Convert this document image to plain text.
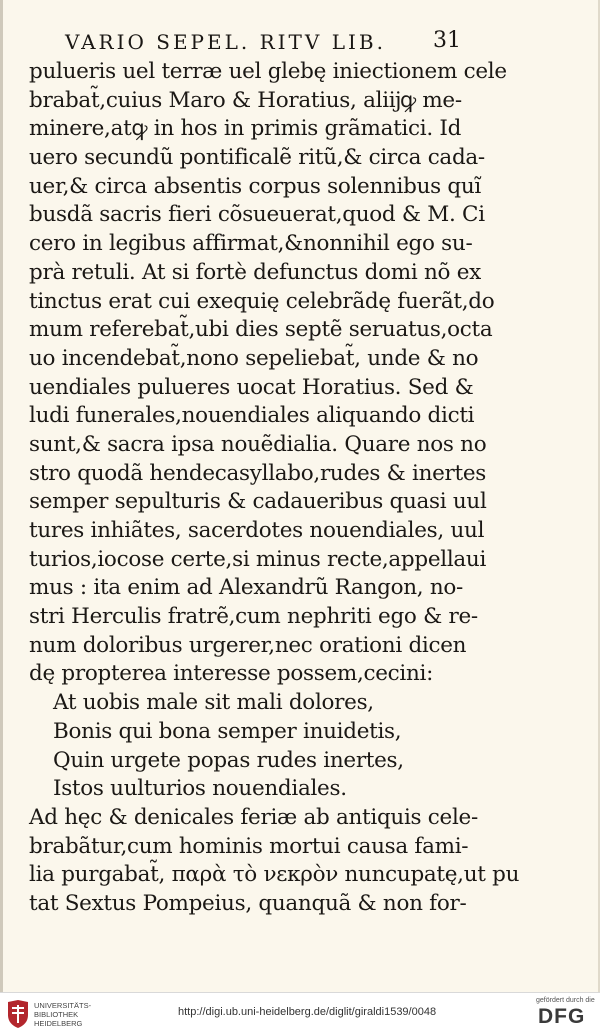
VARIO SEPEL. RITV LIB.	31
pulueris uel terræ uel glebę iniectionem cele
brabat̃,cuius Maro & Horatius, aliĳꝙ me-
minere,atꝙ in hos in primis grãmatici. Id
uero secundũ pontificalẽ ritũ,& circa cada-
uer,& circa absentis corpus solennibus quĩ
busdã sacris fieri cõsueuerat,quod & M. Ci
cero in legibus affirmat,&nonnihil ego su-
prà retuli. At si fortè defunctus domi nõ ex
tinctus erat cui exequię celebrãdę fuerãt,do
mum referebat̃,ubi dies septẽ seruatus,octa
uo incendebat̃,nono sepeliebat̃, unde & no
uendiales pulueres uocat Horatius. Sed &
ludi funerales,nouendiales aliquando dicti
sunt,& sacra ipsa nouẽdialia. Quare nos no
stro quodã hendecasyllabo,rudes & inertes
semper sepulturis & cadaueribus quasi uul
tures inhiãtes, sacerdotes nouendiales, uul
turios,iocose certe,si minus recte,appellaui
mus : ita enim ad Alexandrũ Rangon, no-
stri Herculis fratrẽ,cum nephriti ego & re-
num doloribus urgerer,nec orationi dicen
dę propterea interesse possem,cecini:
At uobis male sit mali dolores,
Bonis qui bona semper inuidetis,
Quin urgete popas rudes inertes,
Istos uulturios nouendiales.
Ad hęc & denicales feriæ ab antiquis cele-
brabãtur,cum hominis mortui causa fami-
lia purgabat̃, παρὰ τὸ νεκρὸν nuncupatę,ut pu
tat Sextus Pompeius, quanquã & non for-
UNIVERSITÄTS-
BIBLIOTHEK
HEIDELBERG
http://digi.ub.uni-heidelberg.de/diglit/giraldi1539/0048
gefördert durch die
DFG
